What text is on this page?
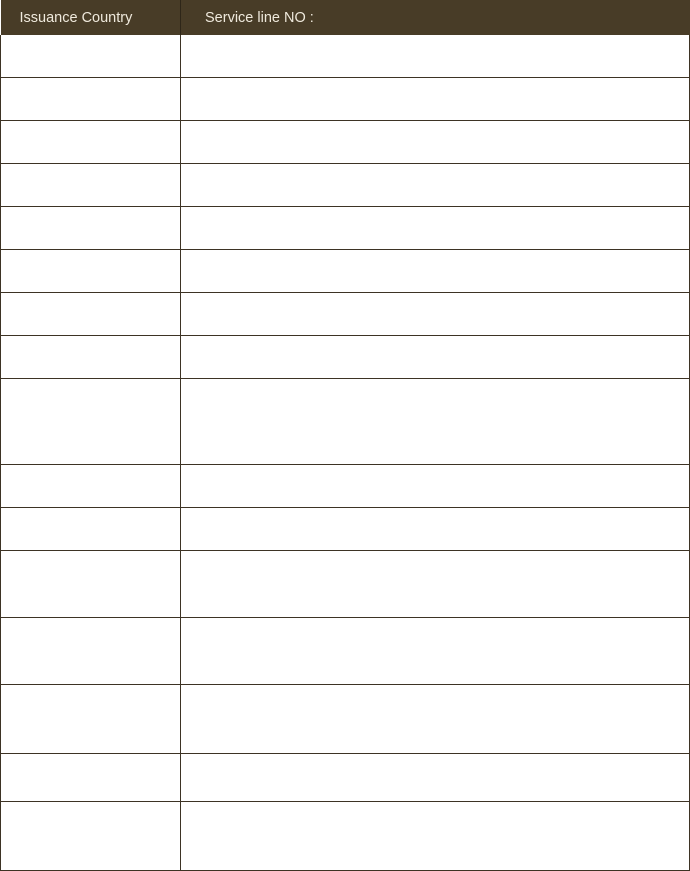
Issuance Country	Service line NO :
